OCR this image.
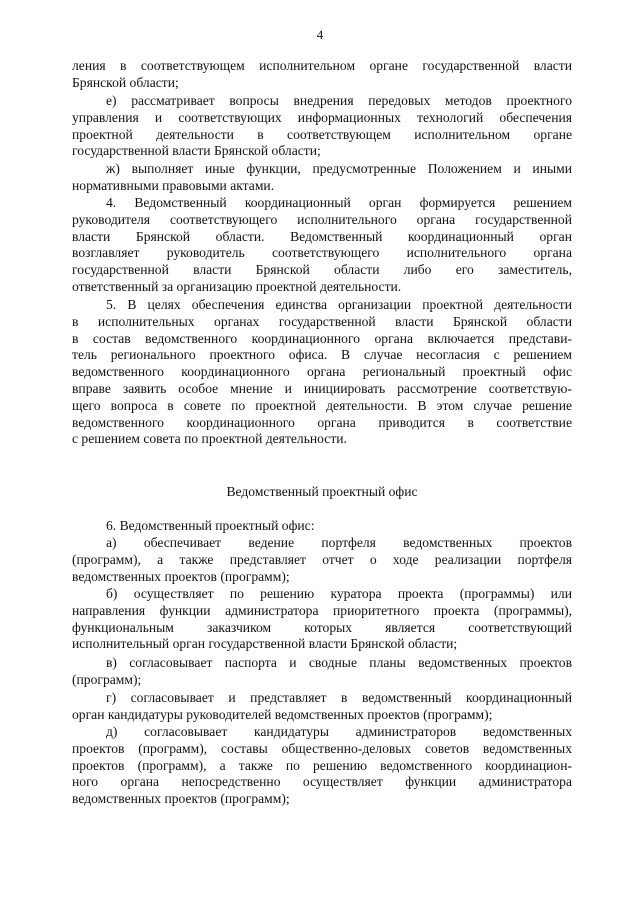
4
ления в соответствующем исполнительном органе государственной власти
Брянской области;
е) рассматривает вопросы внедрения передовых методов проектного
управления и соответствующих информационных технологий обеспечения
проектной деятельности в соответствующем исполнительном органе
государственной власти Брянской области;
ж) выполняет иные функции, предусмотренные Положением и иными
нормативными правовыми актами.
4. Ведомственный координационный орган формируется решением
руководителя соответствующего исполнительного органа государственной
власти Брянской области. Ведомственный координационный орган
возглавляет руководитель соответствующего исполнительного органа
государственной власти Брянской области либо его заместитель,
ответственный за организацию проектной деятельности.
5. В целях обеспечения единства организации проектной деятельности
в исполнительных органах государственной власти Брянской области
в состав ведомственного координационного органа включается представи-
тель регионального проектного офиса. В случае несогласия с решением
ведомственного координационного органа региональный проектный офис
вправе заявить особое мнение и инициировать рассмотрение соответствую-
щего вопроса в совете по проектной деятельности. В этом случае решение
ведомственного координационного органа приводится в соответствие
с решением совета по проектной деятельности.
Ведомственный проектный офис
6. Ведомственный проектный офис:
а) обеспечивает ведение портфеля ведомственных проектов
(программ), а также представляет отчет о ходе реализации портфеля
ведомственных проектов (программ);
б) осуществляет по решению куратора проекта (программы) или
направления функции администратора приоритетного проекта (программы),
функциональным заказчиком которых является соответствующий
исполнительный орган государственной власти Брянской области;
в) согласовывает паспорта и сводные планы ведомственных проектов
(программ);
г) согласовывает и представляет в ведомственный координационный
орган кандидатуры руководителей ведомственных проектов (программ);
д) согласовывает кандидатуры администраторов ведомственных
проектов (программ), составы общественно-деловых советов ведомственных
проектов (программ), а также по решению ведомственного координацион-
ного органа непосредственно осуществляет функции администратора
ведомственных проектов (программ);
